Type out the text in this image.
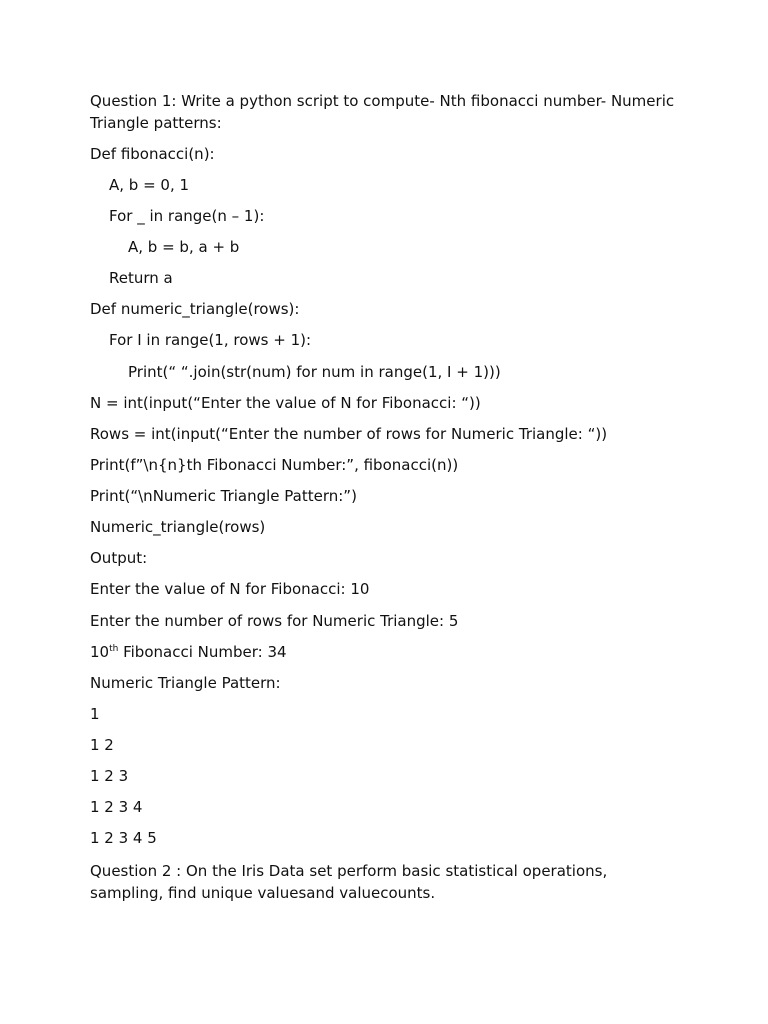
Question 1: Write a python script to compute- Nth fibonacci number- Numeric Triangle patterns:

Def fibonacci(n):

A, b = 0, 1

For _ in range(n – 1):

A, b = b, a + b

Return a

Def numeric_triangle(rows):

For I in range(1, rows + 1):

Print(“ “.join(str(num) for num in range(1, I + 1)))

N = int(input(“Enter the value of N for Fibonacci: “))

Rows = int(input(“Enter the number of rows for Numeric Triangle: “))

Print(f”\n{n}th Fibonacci Number:”, fibonacci(n))

Print(“\nNumeric Triangle Pattern:”)

Numeric_triangle(rows)

Output:

Enter the value of N for Fibonacci: 10

Enter the number of rows for Numeric Triangle: 5

10th Fibonacci Number: 34

Numeric Triangle Pattern:

1

1 2

1 2 3

1 2 3 4

1 2 3 4 5

Question 2 : On the Iris Data set perform basic statistical operations, sampling, find unique valuesand valuecounts.
